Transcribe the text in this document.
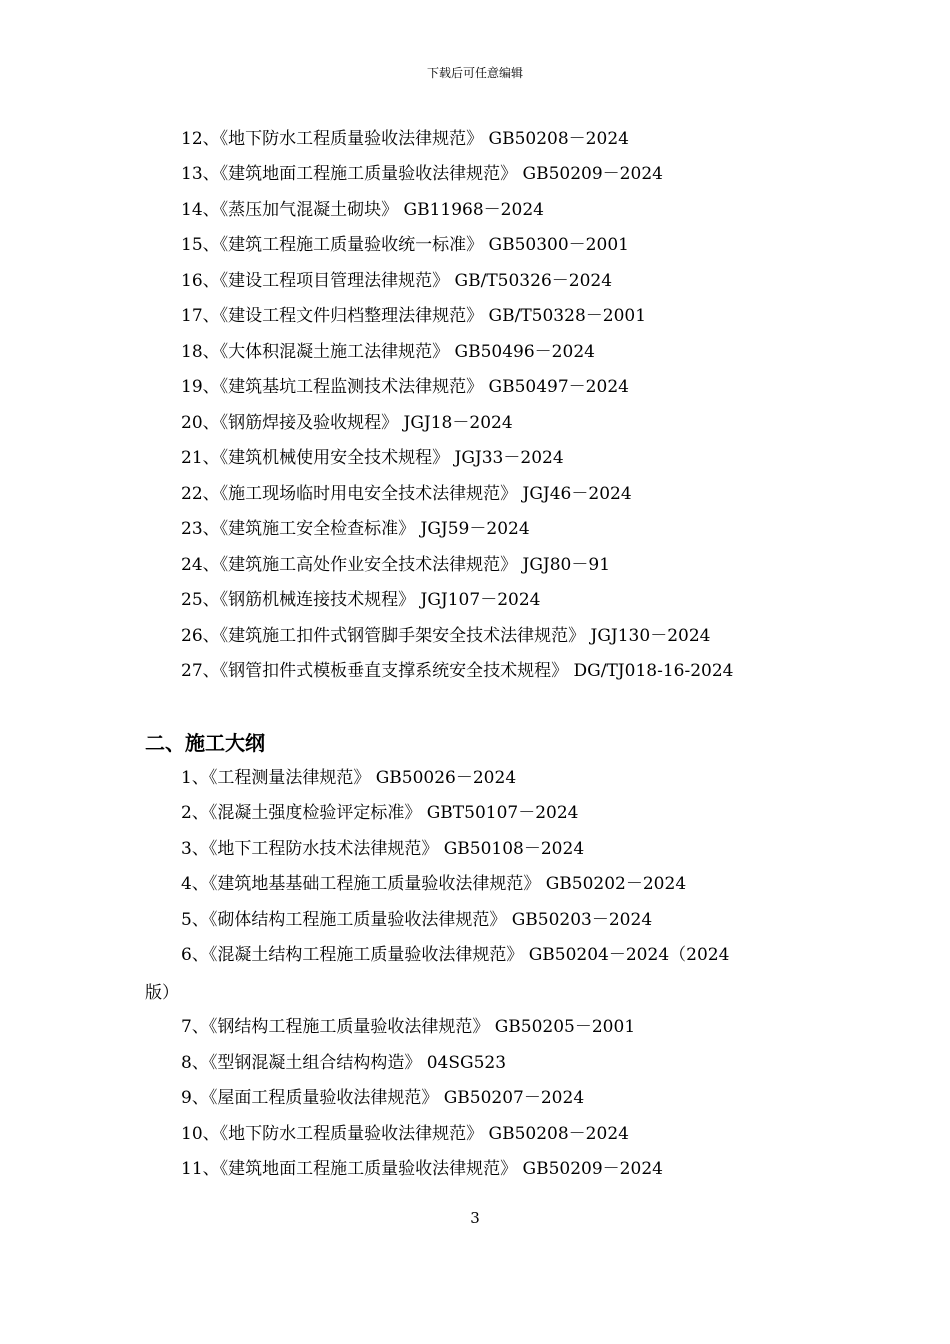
下载后可任意编辑
12、《地下防水工程质量验收法律规范》 GB50208－2024
13、《建筑地面工程施工质量验收法律规范》 GB50209－2024
14、《蒸压加气混凝土砌块》 GB11968－2024
15、《建筑工程施工质量验收统一标准》 GB50300－2001
16、《建设工程项目管理法律规范》 GB/T50326－2024
17、《建设工程文件归档整理法律规范》 GB/T50328－2001
18、《大体积混凝土施工法律规范》 GB50496－2024
19、《建筑基坑工程监测技术法律规范》 GB50497－2024
20、《钢筋焊接及验收规程》 JGJ18－2024
21、《建筑机械使用安全技术规程》 JGJ33－2024
22、《施工现场临时用电安全技术法律规范》 JGJ46－2024
23、《建筑施工安全检查标准》 JGJ59－2024
24、《建筑施工高处作业安全技术法律规范》 JGJ80－91
25、《钢筋机械连接技术规程》 JGJ107－2024
26、《建筑施工扣件式钢管脚手架安全技术法律规范》 JGJ130－2024
27、《钢管扣件式模板垂直支撑系统安全技术规程》 DG/TJ018-16-2024
二、施工大纲
1、《工程测量法律规范》 GB50026－2024
2、《混凝土强度检验评定标准》 GBT50107－2024
3、《地下工程防水技术法律规范》 GB50108－2024
4、《建筑地基基础工程施工质量验收法律规范》 GB50202－2024
5、《砌体结构工程施工质量验收法律规范》 GB50203－2024
6、《混凝土结构工程施工质量验收法律规范》 GB50204－2024（2024
版）
7、《钢结构工程施工质量验收法律规范》 GB50205－2001
8、《型钢混凝土组合结构构造》 04SG523
9、《屋面工程质量验收法律规范》 GB50207－2024
10、《地下防水工程质量验收法律规范》 GB50208－2024
11、《建筑地面工程施工质量验收法律规范》 GB50209－2024
3
